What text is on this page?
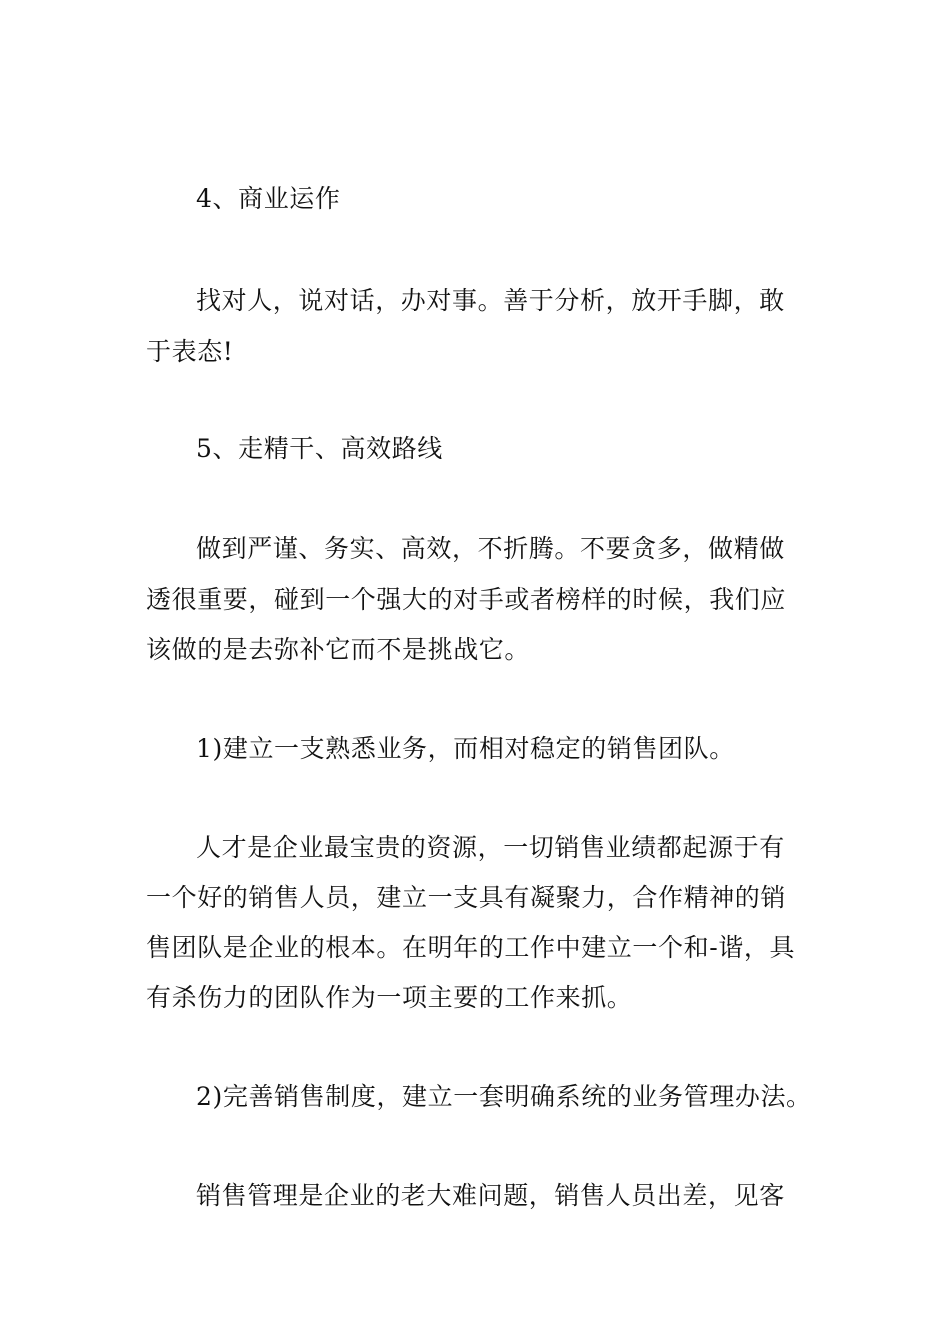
4、商业运作
找对人，说对话，办对事。善于分析，放开手脚，敢
于表态!
5、走精干、高效路线
做到严谨、务实、高效，不折腾。不要贪多，做精做
透很重要，碰到一个强大的对手或者榜样的时候，我们应
该做的是去弥补它而不是挑战它。
1)建立一支熟悉业务，而相对稳定的销售团队。
人才是企业最宝贵的资源，一切销售业绩都起源于有
一个好的销售人员，建立一支具有凝聚力，合作精神的销
售团队是企业的根本。在明年的工作中建立一个和-谐，具
有杀伤力的团队作为一项主要的工作来抓。
2)完善销售制度，建立一套明确系统的业务管理办法。
销售管理是企业的老大难问题，销售人员出差，见客
